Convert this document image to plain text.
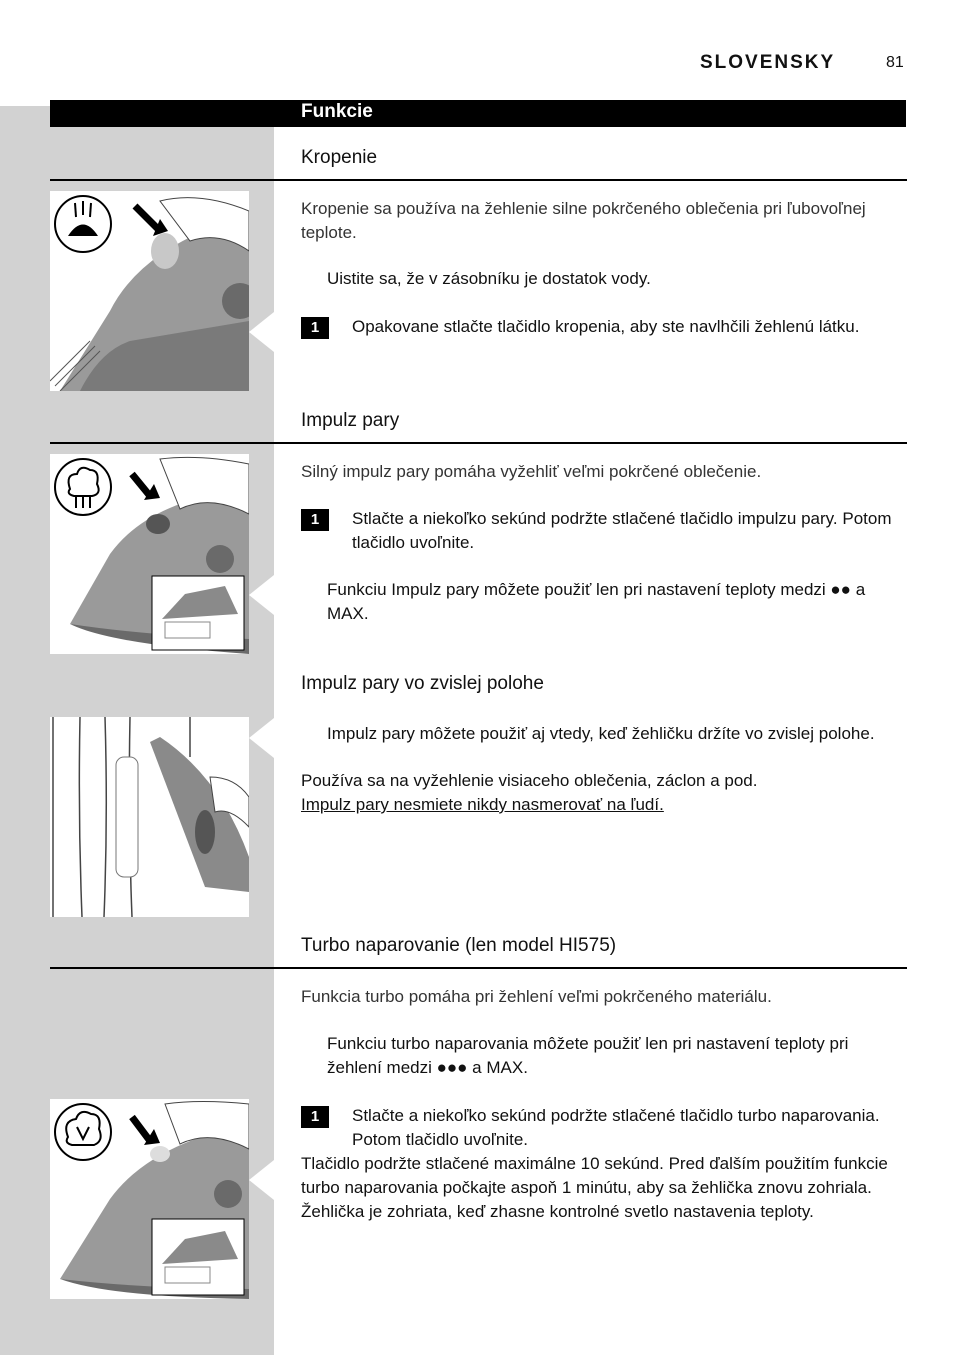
SLOVENSKY	81
Funkcie
Kropenie
Kropenie sa používa na žehlenie silne pokrčeného oblečenia pri ľubovoľnej teplote.
Uistite sa, že v zásobníku je dostatok vody.
1	Opakovane stlačte tlačidlo kropenia, aby ste navlhčili žehlenú látku.
Impulz pary
Silný impulz pary pomáha vyžehliť veľmi pokrčené oblečenie.
1	Stlačte a niekoľko sekúnd podržte stlačené tlačidlo impulzu pary. Potom tlačidlo uvoľnite.
Funkciu Impulz pary môžete použiť len pri nastavení teploty medzi ●● a MAX.
Impulz pary vo zvislej polohe
Impulz pary môžete použiť aj vtedy, keď žehličku držíte vo zvislej polohe.
Používa sa na vyžehlenie visiaceho oblečenia, záclon a pod.
Impulz pary nesmiete nikdy nasmerovať na ľudí.
Turbo naparovanie (len model HI575)
Funkcia turbo pomáha pri žehlení veľmi pokrčeného materiálu.
Funkciu turbo naparovania môžete použiť len pri nastavení teploty pri žehlení medzi ●●● a MAX.
1	Stlačte a niekoľko sekúnd podržte stlačené tlačidlo turbo naparovania. Potom tlačidlo uvoľnite.
Tlačidlo podržte stlačené maximálne 10 sekúnd. Pred ďalším použitím funkcie turbo naparovania počkajte aspoň 1 minútu, aby sa žehlička znovu zohriala. Žehlička je zohriata, keď zhasne kontrolné svetlo nastavenia teploty.
